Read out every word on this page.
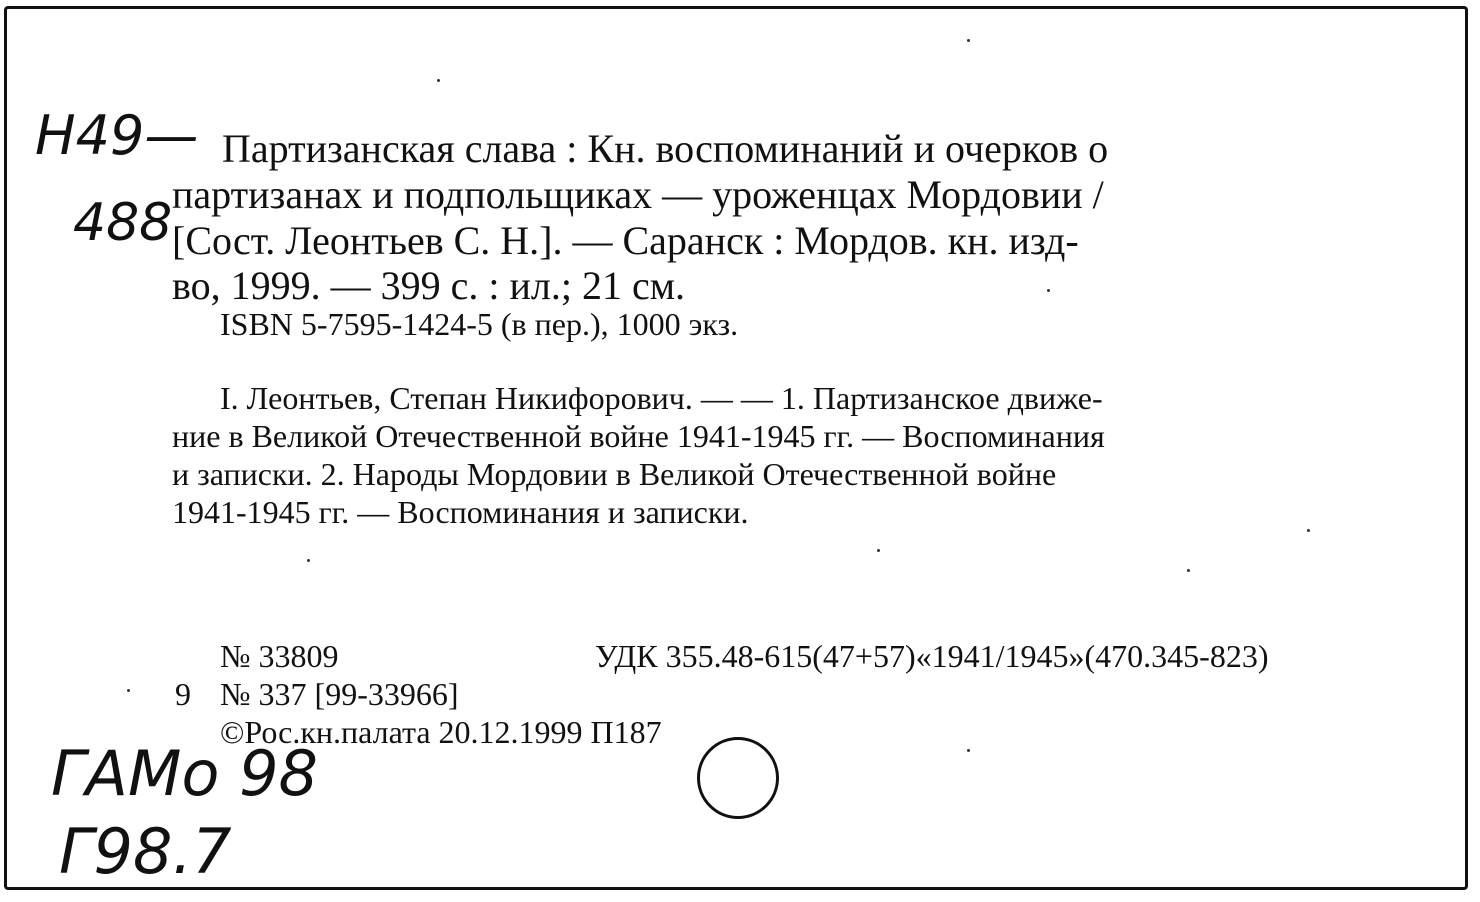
Н49—
488
Партизанская слава : Кн. воспоминаний и очерков о
партизанах и подпольщиках — уроженцах Мордовии /
[Сост. Леонтьев С. Н.]. — Саранск : Мордов. кн. изд-
во, 1999. — 399 с. : ил.; 21 см.
ISBN 5-7595-1424-5 (в пер.), 1000 экз.
I. Леонтьев, Степан Никифорович. — — 1. Партизанское движе-
ние в Великой Отечественной войне 1941-1945 гг. — Воспоминания
и записки. 2. Народы Мордовии в Великой Отечественной войне
1941-1945 гг. — Воспоминания и записки.
№ 33809	УДК 355.48-615(47+57)«1941/1945»(470.345-823)
9 № 337 [99-33966]
©Рос.кн.палата 20.12.1999 П187
ГАМо 98
Г98.7
